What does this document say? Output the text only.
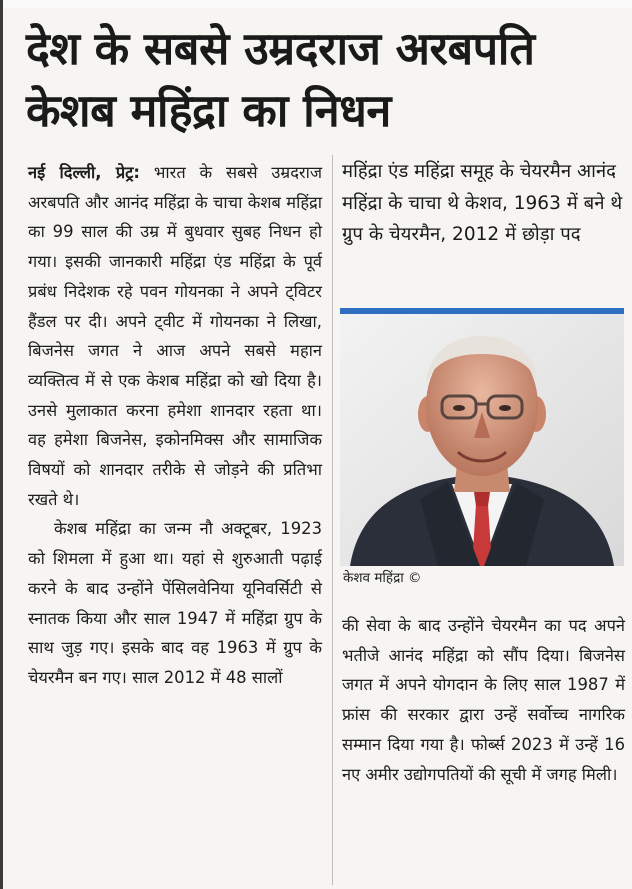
देश के सबसे उम्रदराज अरबपति केशब महिंद्रा का निधन

नई दिल्ली, प्रेट्र: भारत के सबसे उम्रदराज अरबपति और आनंद महिंद्रा के चाचा केशब महिंद्रा का 99 साल की उम्र में बुधवार सुबह निधन हो गया। इसकी जानकारी महिंद्रा एंड महिंद्रा के पूर्व प्रबंध निदेशक रहे पवन गोयनका ने अपने ट्विटर हैंडल पर दी। अपने ट्वीट में गोयनका ने लिखा, बिजनेस जगत ने आज अपने सबसे महान व्यक्तित्व में से एक केशब महिंद्रा को खो दिया है। उनसे मुलाकात करना हमेशा शानदार रहता था। वह हमेशा बिजनेस, इकोनमिक्स और सामाजिक विषयों को शानदार तरीके से जोड़ने की प्रतिभा रखते थे।

केशब महिंद्रा का जन्म नौ अक्टूबर, 1923 को शिमला में हुआ था। यहां से शुरुआती पढ़ाई करने के बाद उन्होंने पेंसिलवेनिया यूनिवर्सिटी से स्नातक किया और साल 1947 में महिंद्रा ग्रुप के साथ जुड़ गए। इसके बाद वह 1963 में ग्रुप के चेयरमैन बन गए। साल 2012 में 48 सालों

महिंद्रा एंड महिंद्रा समूह के चेयरमैन आनंद महिंद्रा के चाचा थे केशव, 1963 में बने थे ग्रुप के चेयरमैन, 2012 में छोड़ा पद

केशव महिंद्रा ©

की सेवा के बाद उन्होंने चेयरमैन का पद अपने भतीजे आनंद महिंद्रा को सौंप दिया। बिजनेस जगत में अपने योगदान के लिए साल 1987 में फ्रांस की सरकार द्वारा उन्हें सर्वोच्च नागरिक सम्मान दिया गया है। फोर्ब्स 2023 में उन्हें 16 नए अमीर उद्योगपतियों की सूची में जगह मिली।
